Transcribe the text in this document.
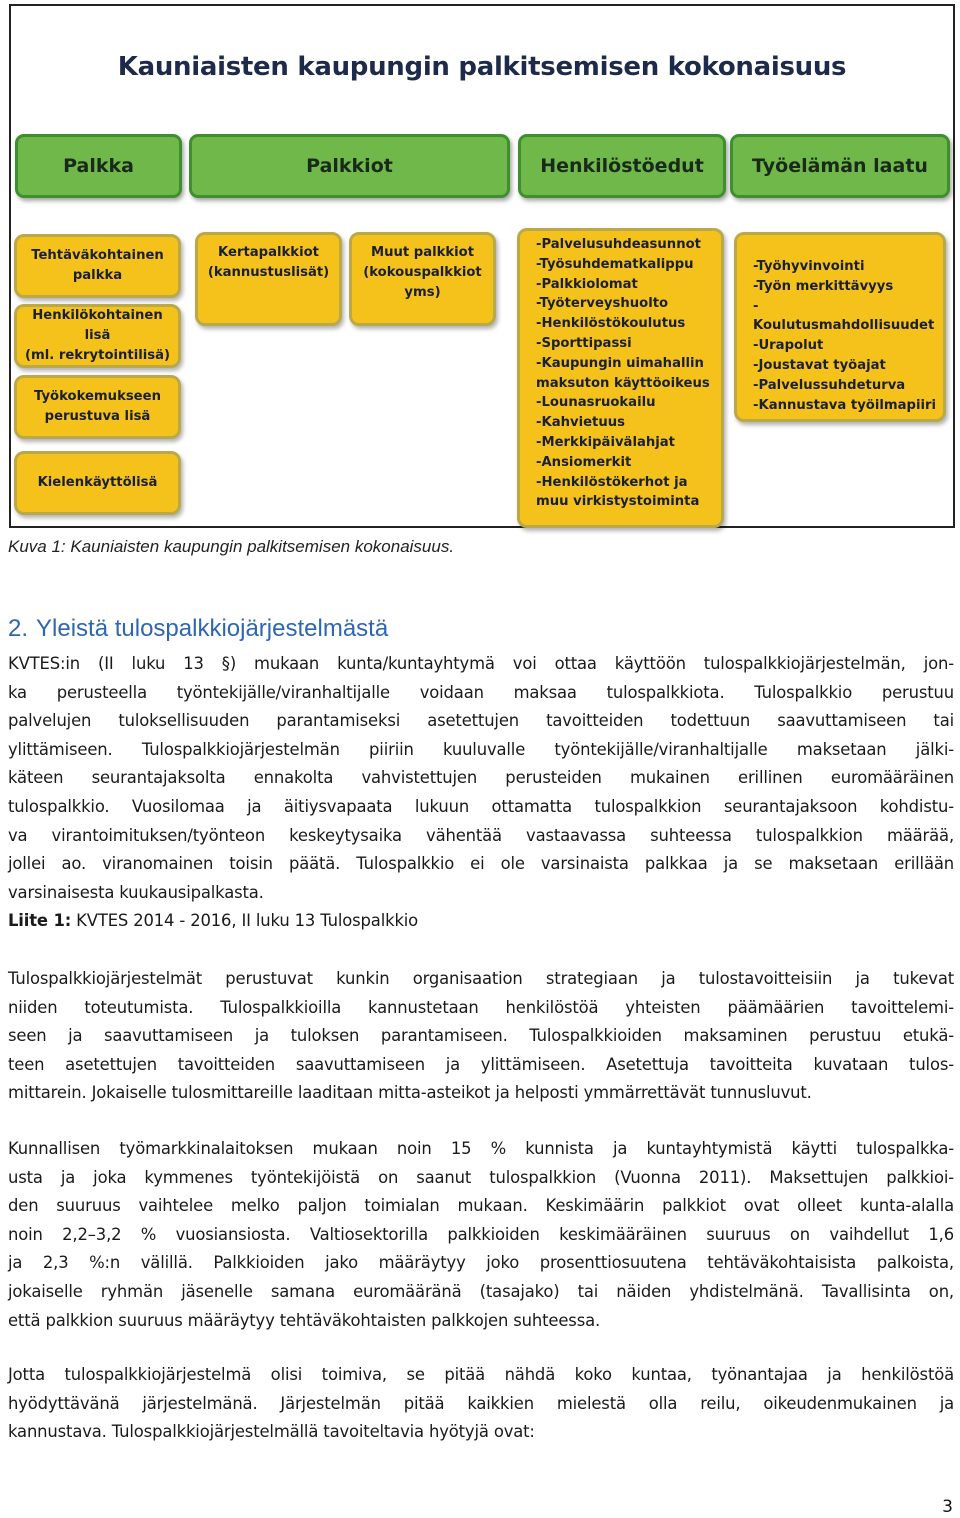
Kauniaisten kaupungin palkitsemisen kokonaisuus
Palkka	Palkkiot	Henkilöstöedut	Työelämän laatu
Tehtäväkohtainen
palkka
Henkilökohtainen
lisä
(ml. rekrytointilisä)
Työkokemukseen
perustuva lisä
Kielenkäyttölisä
Kertapalkkiot
(kannustuslisät)
Muut palkkiot
(kokouspalkkiot
yms)
-Palvelusuhdeasunnot
-Työsuhdematkalippu
-Palkkiolomat
-Työterveyshuolto
-Henkilöstökoulutus
-Sporttipassi
-Kaupungin uimahallin
maksuton käyttöoikeus
-Lounasruokailu
-Kahvietuus
-Merkkipäivälahjat
-Ansiomerkit
-Henkilöstökerhot ja
muu virkistystoiminta
-Työhyvinvointi
-Työn merkittävyys
-Koulutusmahdollisuudet
-Urapolut
-Joustavat työajat
-Palvelussuhdeturva
-Kannustava työilmapiiri
Kuva 1: Kauniaisten kaupungin palkitsemisen kokonaisuus.
2. Yleistä tulospalkkiojärjestelmästä

KVTES:in (II luku 13 §) mukaan kunta/kuntayhtymä voi ottaa käyttöön tulospalkkiojärjestelmän, jon-
ka perusteella työntekijälle/viranhaltijalle voidaan maksaa tulospalkkiota. Tulospalkkio perustuu
palvelujen tuloksellisuuden parantamiseksi asetettujen tavoitteiden todettuun saavuttamiseen tai
ylittämiseen. Tulospalkkiojärjestelmän piiriin kuuluvalle työntekijälle/viranhaltijalle maksetaan jälki-
käteen seurantajaksolta ennakolta vahvistettujen perusteiden mukainen erillinen euromääräinen
tulospalkkio. Vuosilomaa ja äitiysvapaata lukuun ottamatta tulospalkkion seurantajaksoon kohdistu-
va virantoimituksen/työnteon keskeytysaika vähentää vastaavassa suhteessa tulospalkkion määrää,
jollei ao. viranomainen toisin päätä. Tulospalkkio ei ole varsinaista palkkaa ja se maksetaan erillään
varsinaisesta kuukausipalkasta.
Liite 1: KVTES 2014 - 2016, II luku 13 Tulospalkkio

Tulospalkkiojärjestelmät perustuvat kunkin organisaation strategiaan ja tulostavoitteisiin ja tukevat
niiden toteutumista. Tulospalkkioilla kannustetaan henkilöstöä yhteisten päämäärien tavoittelemi-
seen ja saavuttamiseen ja tuloksen parantamiseen. Tulospalkkioiden maksaminen perustuu etukä-
teen asetettujen tavoitteiden saavuttamiseen ja ylittämiseen. Asetettuja tavoitteita kuvataan tulos-
mittarein. Jokaiselle tulosmittareille laaditaan mitta-asteikot ja helposti ymmärrettävät tunnusluvut.

Kunnallisen työmarkkinalaitoksen mukaan noin 15 % kunnista ja kuntayhtymistä käytti tulospalkka-
usta ja joka kymmenes työntekijöistä on saanut tulospalkkion (Vuonna 2011). Maksettujen palkkioi-
den suuruus vaihtelee melko paljon toimialan mukaan. Keskimäärin palkkiot ovat olleet kunta-alalla
noin 2,2–3,2 % vuosiansiosta. Valtiosektorilla palkkioiden keskimääräinen suuruus on vaihdellut 1,6
ja 2,3 %:n välillä. Palkkioiden jako määräytyy joko prosenttiosuutena tehtäväkohtaisista palkoista,
jokaiselle ryhmän jäsenelle samana euromääränä (tasajako) tai näiden yhdistelmänä. Tavallisinta on,
että palkkion suuruus määräytyy tehtäväkohtaisten palkkojen suhteessa.

Jotta tulospalkkiojärjestelmä olisi toimiva, se pitää nähdä koko kuntaa, työnantajaa ja henkilöstöä
hyödyttävänä järjestelmänä. Järjestelmän pitää kaikkien mielestä olla reilu, oikeudenmukainen ja
kannustava. Tulospalkkiojärjestelmällä tavoiteltavia hyötyjä ovat:

3
